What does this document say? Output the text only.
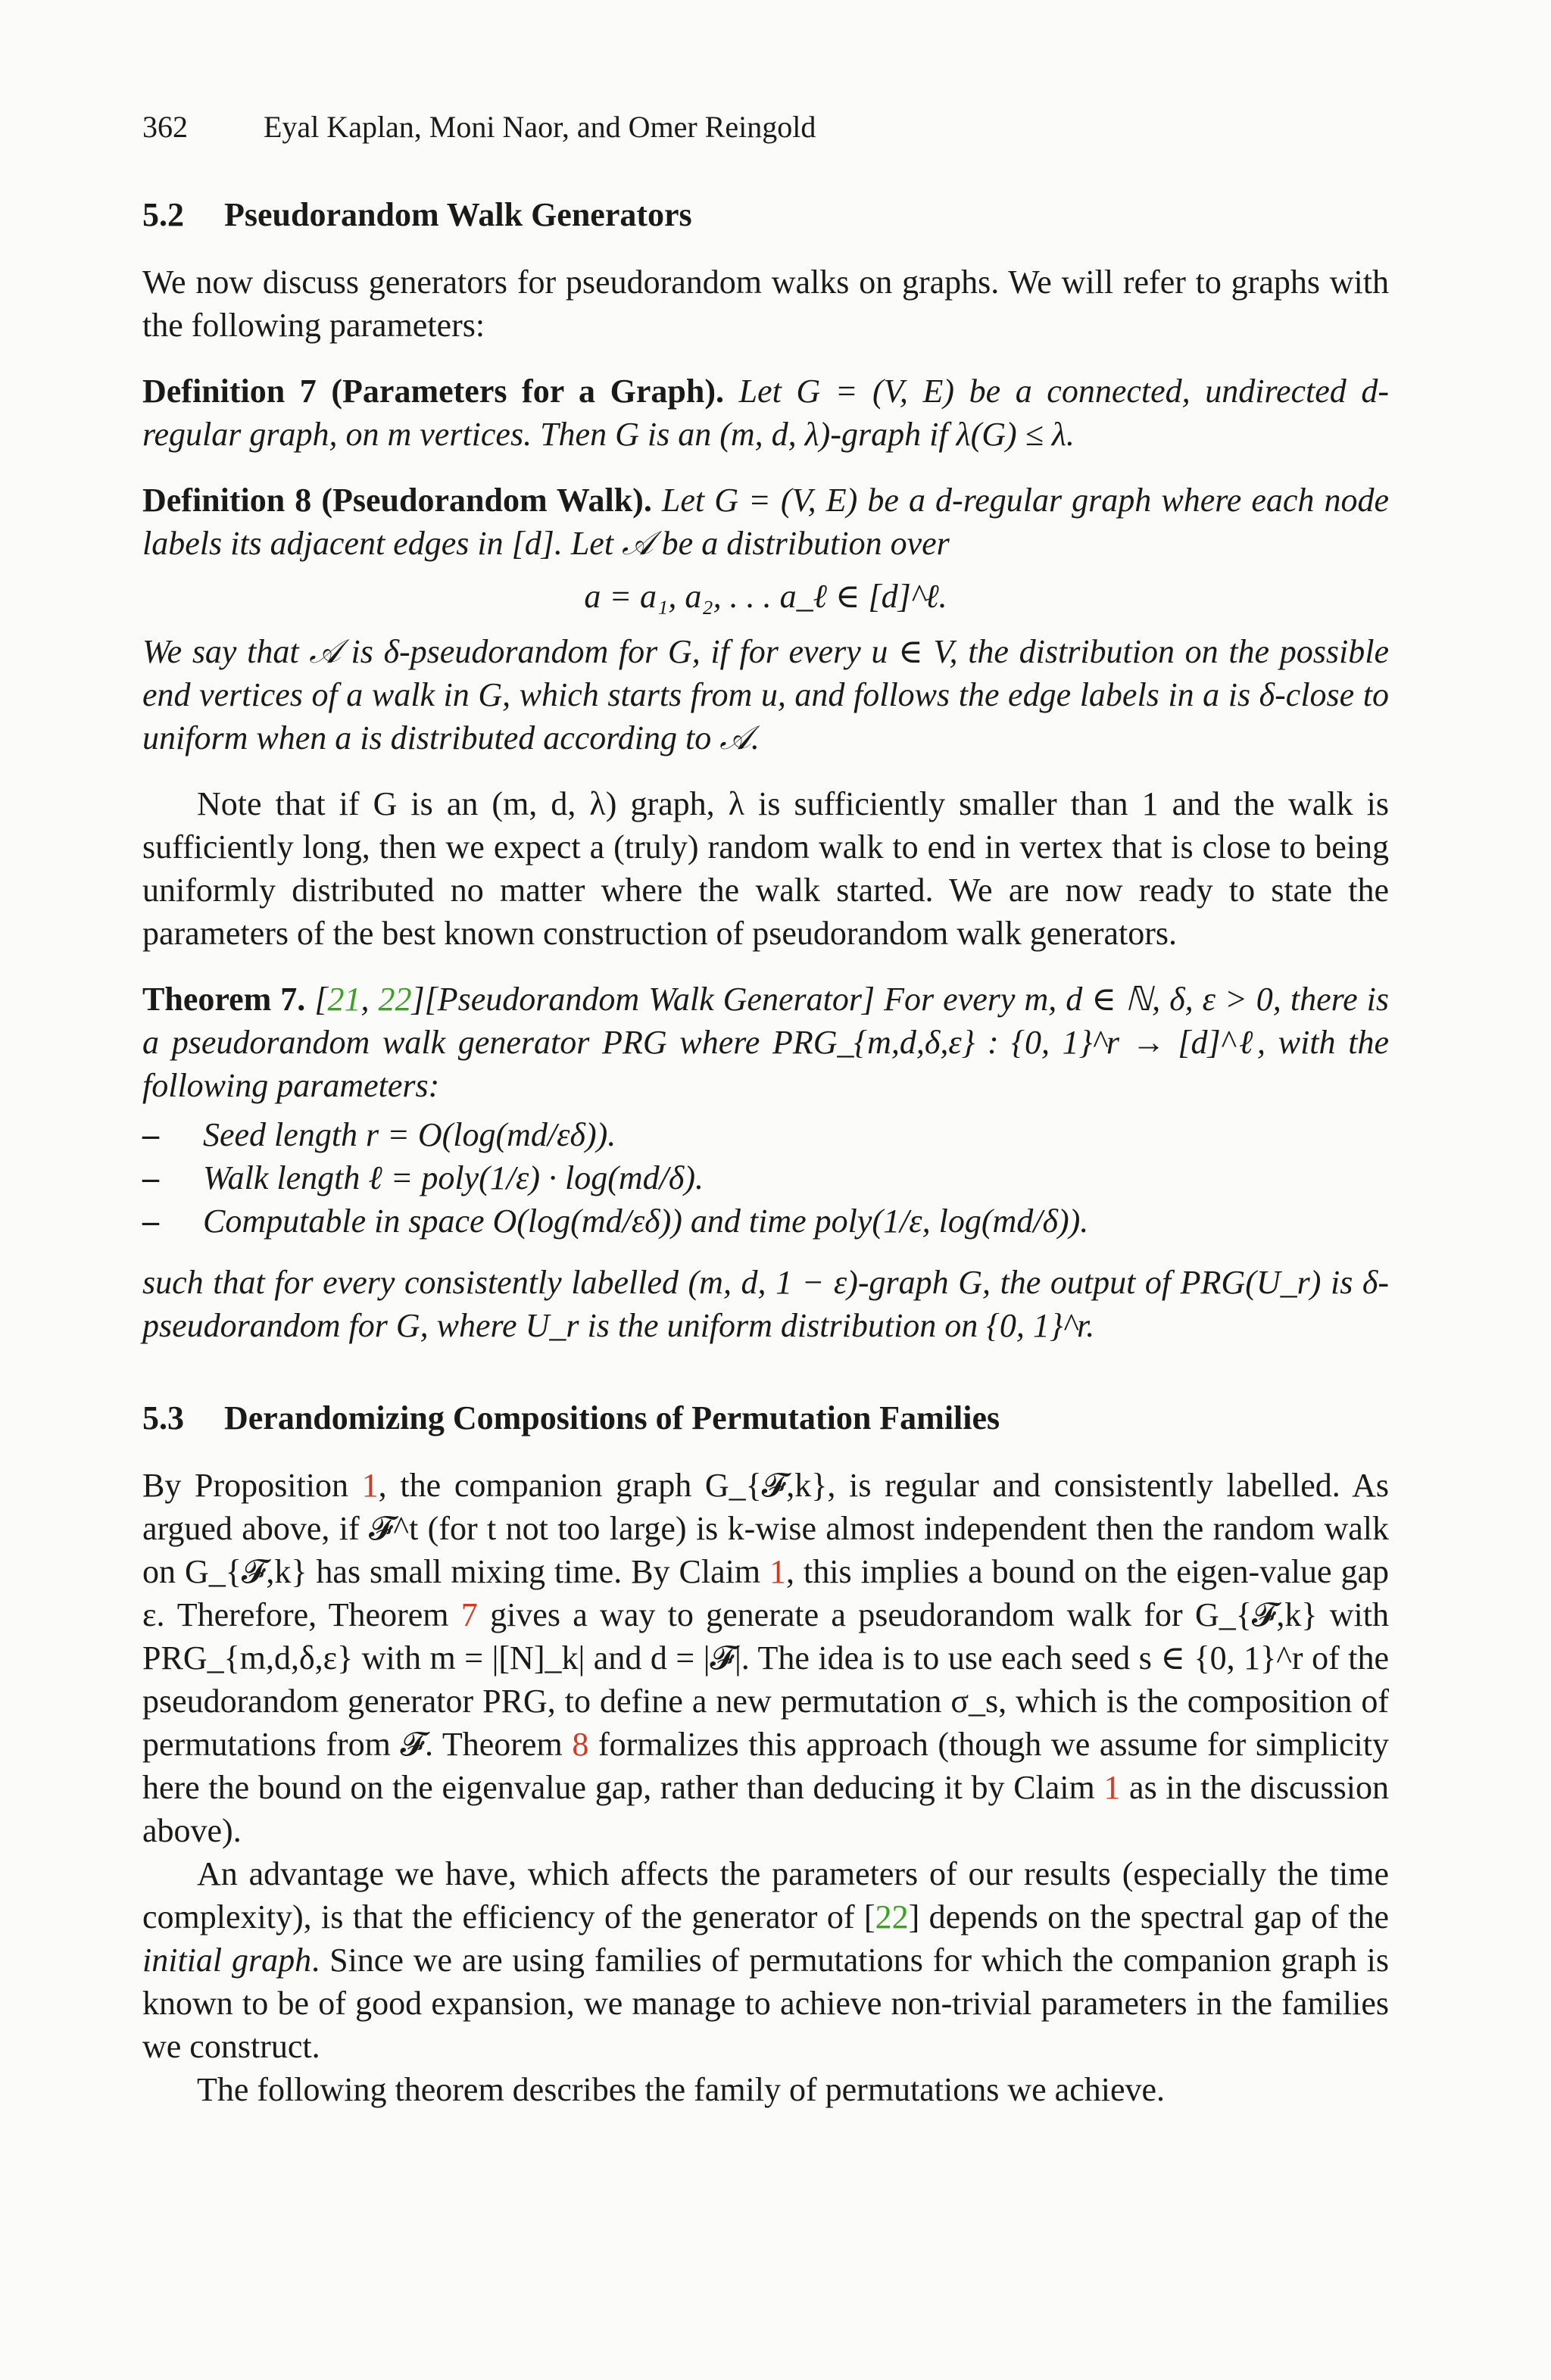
362	Eyal Kaplan, Moni Naor, and Omer Reingold
5.2 Pseudorandom Walk Generators

We now discuss generators for pseudorandom walks on graphs. We will refer to graphs with the following parameters:

Definition 7 (Parameters for a Graph). Let G = (V, E) be a connected, undirected d-regular graph, on m vertices. Then G is an (m, d, λ)-graph if λ(G) ≤ λ.

Definition 8 (Pseudorandom Walk). Let G = (V, E) be a d-regular graph where each node labels its adjacent edges in [d]. Let 𝒜 be a distribution over

a = a₁, a₂, . . . a_ℓ ∈ [d]^ℓ.

We say that 𝒜 is δ-pseudorandom for G, if for every u ∈ V, the distribution on the possible end vertices of a walk in G, which starts from u, and follows the edge labels in a is δ-close to uniform when a is distributed according to 𝒜.

Note that if G is an (m, d, λ) graph, λ is sufficiently smaller than 1 and the walk is sufficiently long, then we expect a (truly) random walk to end in vertex that is close to being uniformly distributed no matter where the walk started. We are now ready to state the parameters of the best known construction of pseudorandom walk generators.

Theorem 7. [21, 22][Pseudorandom Walk Generator] For every m, d ∈ ℕ, δ, ε > 0, there is a pseudorandom walk generator PRG where PRG_{m,d,δ,ε} : {0, 1}^r → [d]^ℓ, with the following parameters:

– Seed length r = O(log(md/εδ)).
– Walk length ℓ = poly(1/ε) · log(md/δ).
– Computable in space O(log(md/εδ)) and time poly(1/ε, log(md/δ)).

such that for every consistently labelled (m, d, 1 − ε)-graph G, the output of PRG(U_r) is δ-pseudorandom for G, where U_r is the uniform distribution on {0, 1}^r.

5.3 Derandomizing Compositions of Permutation Families

By Proposition 1, the companion graph G_{𝓕,k}, is regular and consistently labelled. As argued above, if 𝓕^t (for t not too large) is k-wise almost independent then the random walk on G_{𝓕,k} has small mixing time. By Claim 1, this implies a bound on the eigen-value gap ε. Therefore, Theorem 7 gives a way to generate a pseudorandom walk for G_{𝓕,k} with PRG_{m,d,δ,ε} with m = |[N]_k| and d = |𝓕|. The idea is to use each seed s ∈ {0, 1}^r of the pseudorandom generator PRG, to define a new permutation σ_s, which is the composition of permutations from 𝓕. Theorem 8 formalizes this approach (though we assume for simplicity here the bound on the eigenvalue gap, rather than deducing it by Claim 1 as in the discussion above).

An advantage we have, which affects the parameters of our results (especially the time complexity), is that the efficiency of the generator of [22] depends on the spectral gap of the initial graph. Since we are using families of permutations for which the companion graph is known to be of good expansion, we manage to achieve non-trivial parameters in the families we construct.

The following theorem describes the family of permutations we achieve.
